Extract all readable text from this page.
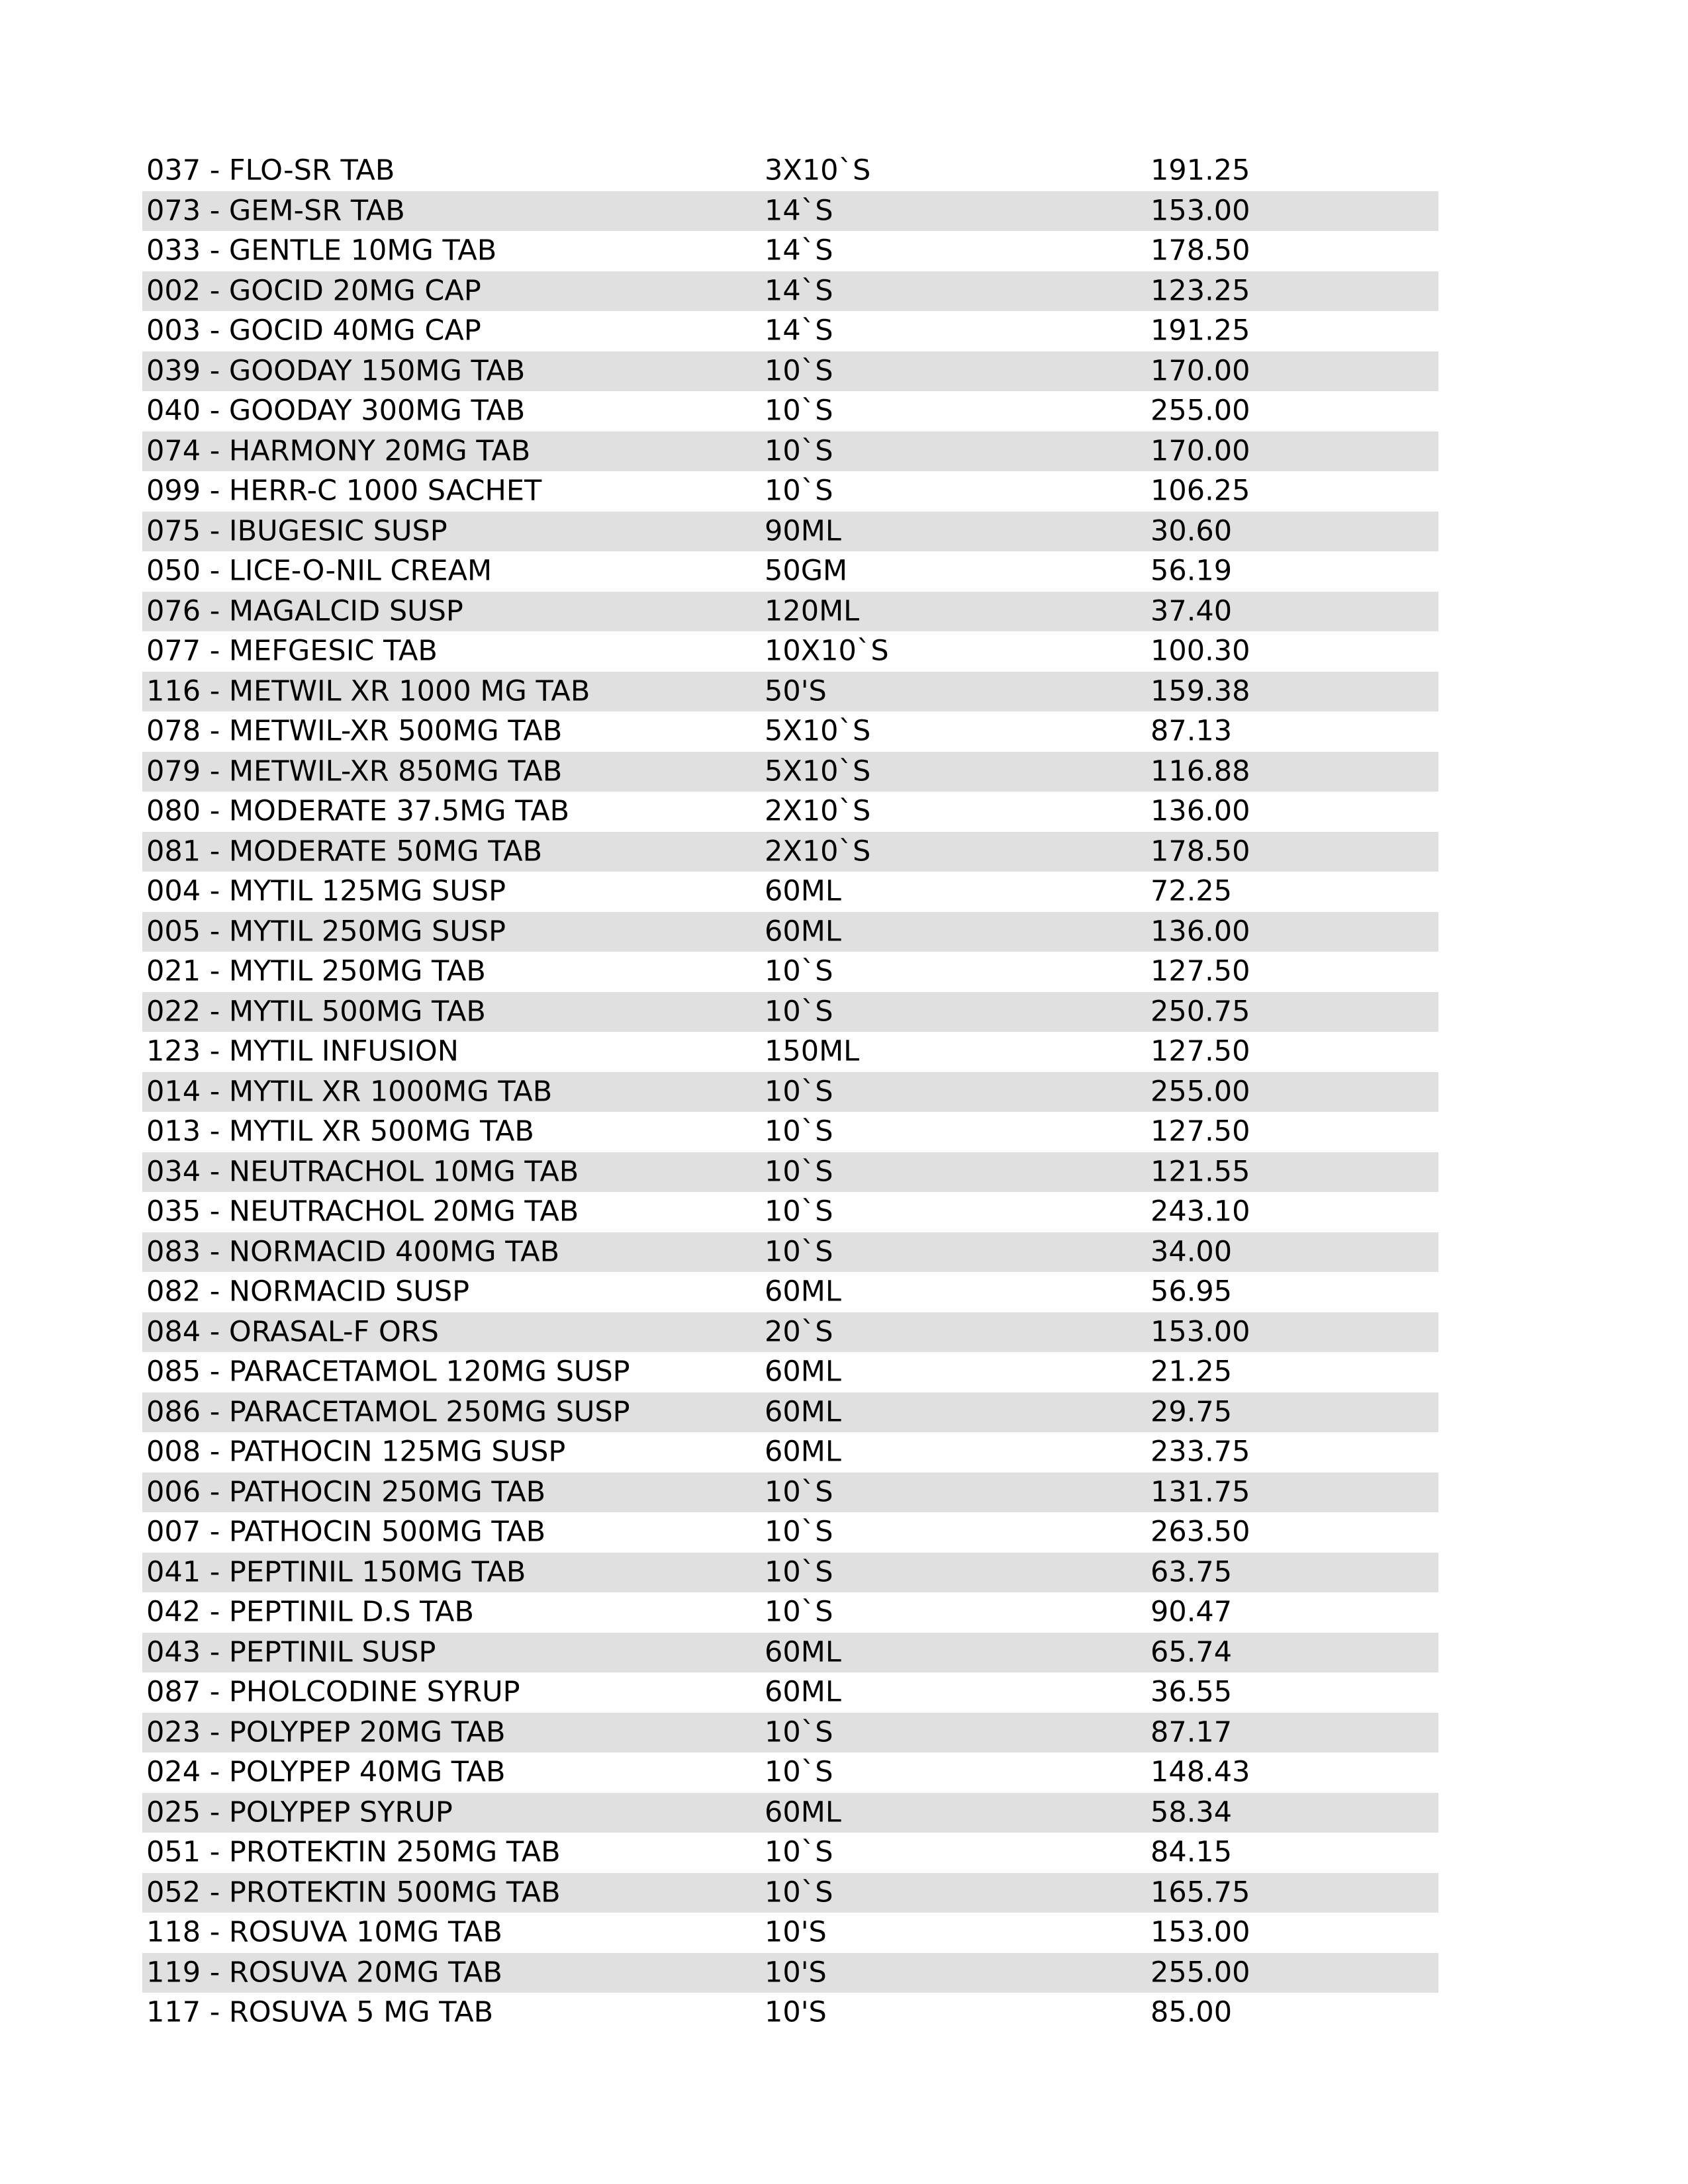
037 - FLO-SR TAB	3X10`S	191.25
073 - GEM-SR TAB	14`S	153.00
033 - GENTLE 10MG TAB	14`S	178.50
002 - GOCID 20MG CAP	14`S	123.25
003 - GOCID 40MG CAP	14`S	191.25
039 - GOODAY 150MG TAB	10`S	170.00
040 - GOODAY 300MG TAB	10`S	255.00
074 - HARMONY 20MG TAB	10`S	170.00
099 - HERR-C 1000 SACHET	10`S	106.25
075 - IBUGESIC SUSP	90ML	30.60
050 - LICE-O-NIL CREAM	50GM	56.19
076 - MAGALCID SUSP	120ML	37.40
077 - MEFGESIC TAB	10X10`S	100.30
116 - METWIL XR 1000 MG TAB	50'S	159.38
078 - METWIL-XR 500MG TAB	5X10`S	87.13
079 - METWIL-XR 850MG TAB	5X10`S	116.88
080 - MODERATE 37.5MG TAB	2X10`S	136.00
081 - MODERATE 50MG TAB	2X10`S	178.50
004 - MYTIL 125MG SUSP	60ML	72.25
005 - MYTIL 250MG SUSP	60ML	136.00
021 - MYTIL 250MG TAB	10`S	127.50
022 - MYTIL 500MG TAB	10`S	250.75
123 - MYTIL INFUSION	150ML	127.50
014 - MYTIL XR 1000MG TAB	10`S	255.00
013 - MYTIL XR 500MG TAB	10`S	127.50
034 - NEUTRACHOL 10MG TAB	10`S	121.55
035 - NEUTRACHOL 20MG TAB	10`S	243.10
083 - NORMACID 400MG TAB	10`S	34.00
082 - NORMACID SUSP	60ML	56.95
084 - ORASAL-F ORS	20`S	153.00
085 - PARACETAMOL 120MG SUSP	60ML	21.25
086 - PARACETAMOL 250MG SUSP	60ML	29.75
008 - PATHOCIN 125MG SUSP	60ML	233.75
006 - PATHOCIN 250MG TAB	10`S	131.75
007 - PATHOCIN 500MG TAB	10`S	263.50
041 - PEPTINIL 150MG TAB	10`S	63.75
042 - PEPTINIL D.S TAB	10`S	90.47
043 - PEPTINIL SUSP	60ML	65.74
087 - PHOLCODINE SYRUP	60ML	36.55
023 - POLYPEP 20MG TAB	10`S	87.17
024 - POLYPEP 40MG TAB	10`S	148.43
025 - POLYPEP SYRUP	60ML	58.34
051 - PROTEKTIN 250MG TAB	10`S	84.15
052 - PROTEKTIN 500MG TAB	10`S	165.75
118 - ROSUVA 10MG TAB	10'S	153.00
119 - ROSUVA 20MG TAB	10'S	255.00
117 - ROSUVA 5 MG TAB	10'S	85.00
